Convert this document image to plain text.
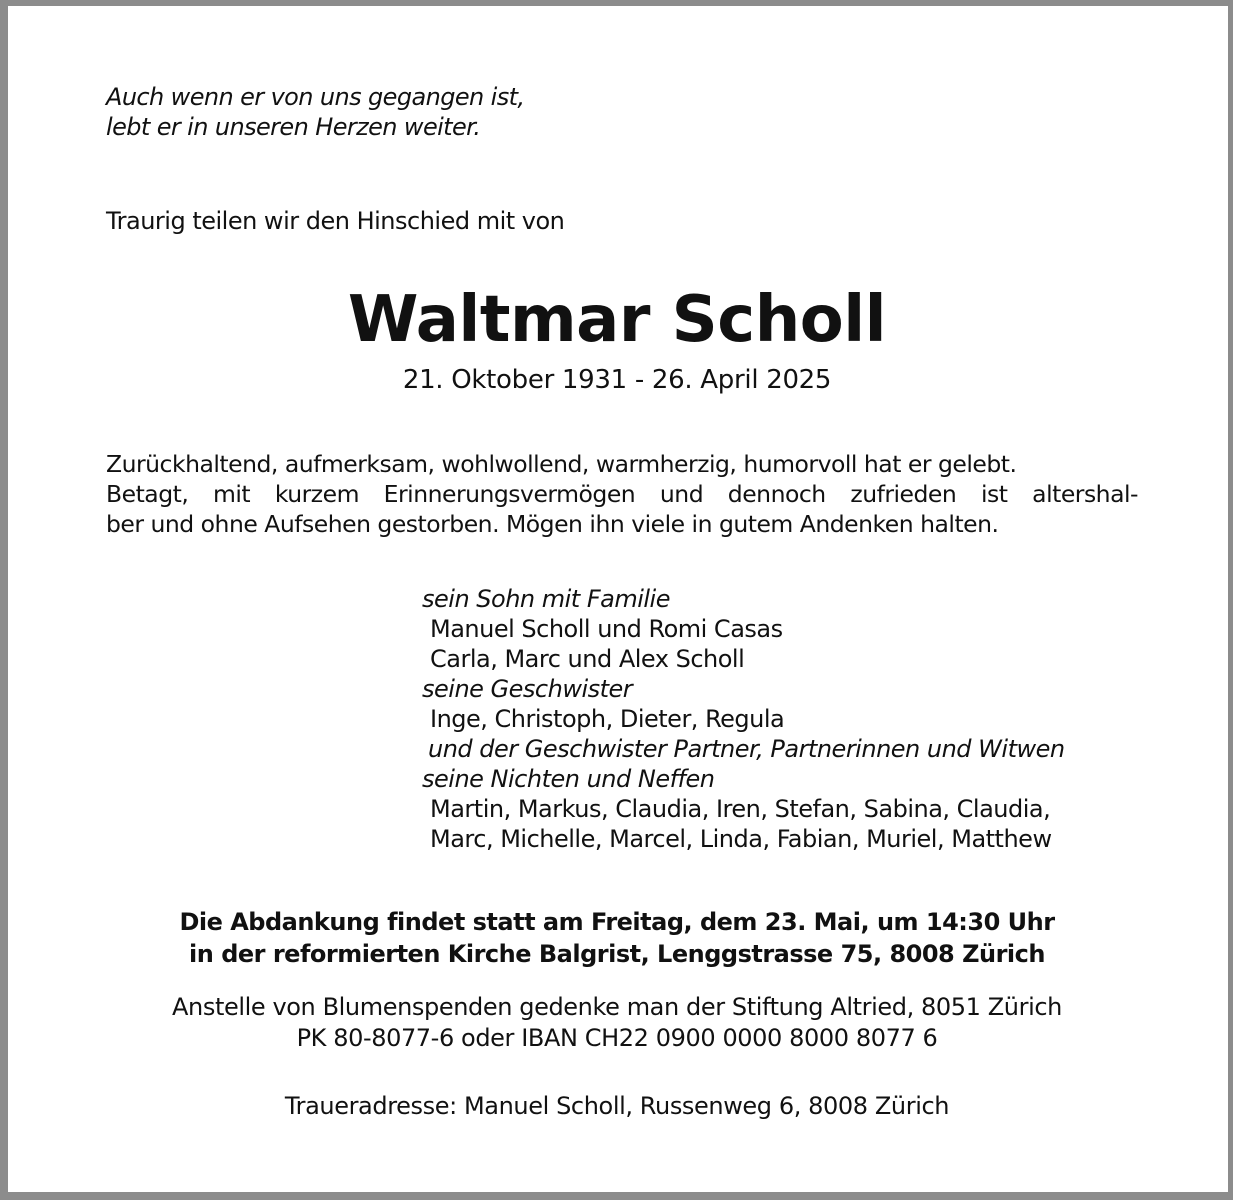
Auch wenn er von uns gegangen ist,
lebt er in unseren Herzen weiter.
Traurig teilen wir den Hinschied mit von
Waltmar Scholl
21. Oktober 1931 - 26. April 2025
Zurückhaltend, aufmerksam, wohlwollend, warmherzig, humorvoll hat er gelebt.
Betagt, mit kurzem Erinnerungsvermögen und dennoch zufrieden ist altershal-
ber und ohne Aufsehen gestorben. Mögen ihn viele in gutem Andenken halten.
sein Sohn mit Familie
Manuel Scholl und Romi Casas
Carla, Marc und Alex Scholl
seine Geschwister
Inge, Christoph, Dieter, Regula
und der Geschwister Partner, Partnerinnen und Witwen
seine Nichten und Neffen
Martin, Markus, Claudia, Iren, Stefan, Sabina, Claudia,
Marc, Michelle, Marcel, Linda, Fabian, Muriel, Matthew
Die Abdankung findet statt am Freitag, dem 23. Mai, um 14:30 Uhr
in der reformierten Kirche Balgrist, Lenggstrasse 75, 8008 Zürich
Anstelle von Blumenspenden gedenke man der Stiftung Altried, 8051 Zürich
PK 80-8077-6 oder IBAN CH22 0900 0000 8000 8077 6
Traueradresse: Manuel Scholl, Russenweg 6, 8008 Zürich
